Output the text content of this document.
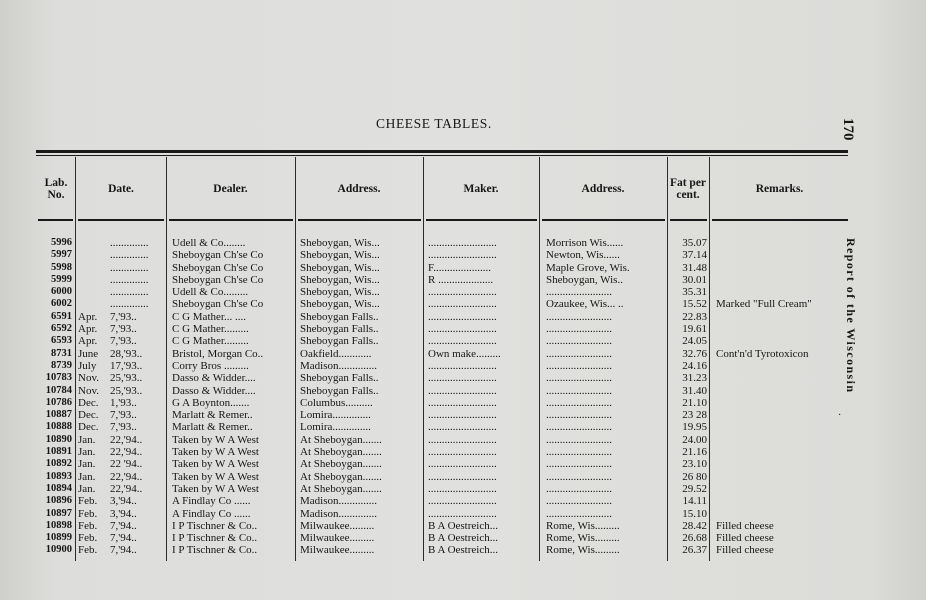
CHEESE TABLES.	170
Report of the Wisconsin
Lab. No.	Date.	Dealer.	Address.	Maker.	Address.	Fat per cent.	Remarks.
5996	..............	Udell & Co........	Sheboygan, Wis...	.........................	Morrison Wis......	35.07
5997	..............	Sheboygan Ch'se Co	Sheboygan, Wis...	.........................	Newton, Wis......	37.14
5998	..............	Sheboygan Ch'se Co	Sheboygan, Wis...	F.....................	Maple Grove, Wis.	31.48
5999	..............	Sheboygan Ch'se Co	Sheboygan, Wis...	R ....................	Sheboygan, Wis..	30.01
6000	..............	Udell & Co.........	Sheboygan, Wis...	.........................	........................	35.31
6002	..............	Sheboygan Ch'se Co	Sheboygan, Wis...	.........................	Ozaukee, Wis... ..	15.52 Marked "Full Cream"
6591 Apr.	7,'93..	C G Mather... ....	Sheboygan Falls..	.........................	........................	22.83
6592 Apr.	7,'93..	C G Mather.........	Sheboygan Falls..	.........................	........................	19.61
6593 Apr.	7,'93..	C G Mather.........	Sheboygan Falls..	.........................	........................	24.05
8731 June	28,'93..	Bristol, Morgan Co..	Oakfield............	Own make.........	........................	32.76 Cont'n'd Tyrotoxicon
8739 July	17,'93..	Corry Bros .........	Madison..............	.........................	........................	24.16
10783 Nov.	25,'93..	Dasso & Widder....	Sheboygan Falls..	.........................	........................	31.23
10784 Nov.	25,'93..	Dasso & Widder....	Sheboygan Falls..	.........................	........................	31.40
10786 Dec.	1,'93..	G A Boynton.......	Columbus..........	.........................	........................	21.10
10887 Dec.	7,'93..	Marlatt & Remer..	Lomira..............	.........................	........................	23 28
10888 Dec.	7,'93..	Marlatt & Remer..	Lomira..............	.........................	........................	19.95
10890 Jan.	22,'94..	Taken by W A West	At Sheboygan.......	.........................	........................	24.00
10891 Jan.	22,'94..	Taken by W A West	At Sheboygan.......	.........................	........................	21.16
10892 Jan.	22 '94..	Taken by W A West	At Sheboygan.......	.........................	........................	23.10
10893 Jan.	22,'94..	Taken by W A West	At Sheboygan.......	.........................	........................	26 80
10894 Jan.	22,'94..	Taken by W A West	At Sheboygan.......	.........................	........................	29.52
10896 Feb.	3,'94..	A Findlay Co ......	Madison..............	.........................	........................	14.11
10897 Feb.	3,'94..	A Findlay Co ......	Madison..............	.........................	........................	15.10
10898 Feb.	7,'94..	I P Tischner & Co..	Milwaukee.........	B A Oestreich...	Rome, Wis.........	28.42 Filled cheese
10899 Feb.	7,'94..	I P Tischner & Co..	Milwaukee.........	B A Oestreich...	Rome, Wis.........	26.68 Filled cheese
10900 Feb.	7,'94..	I P Tischner & Co..	Milwaukee.........	B A Oestreich...	Rome, Wis.........	26.37 Filled cheese
·
